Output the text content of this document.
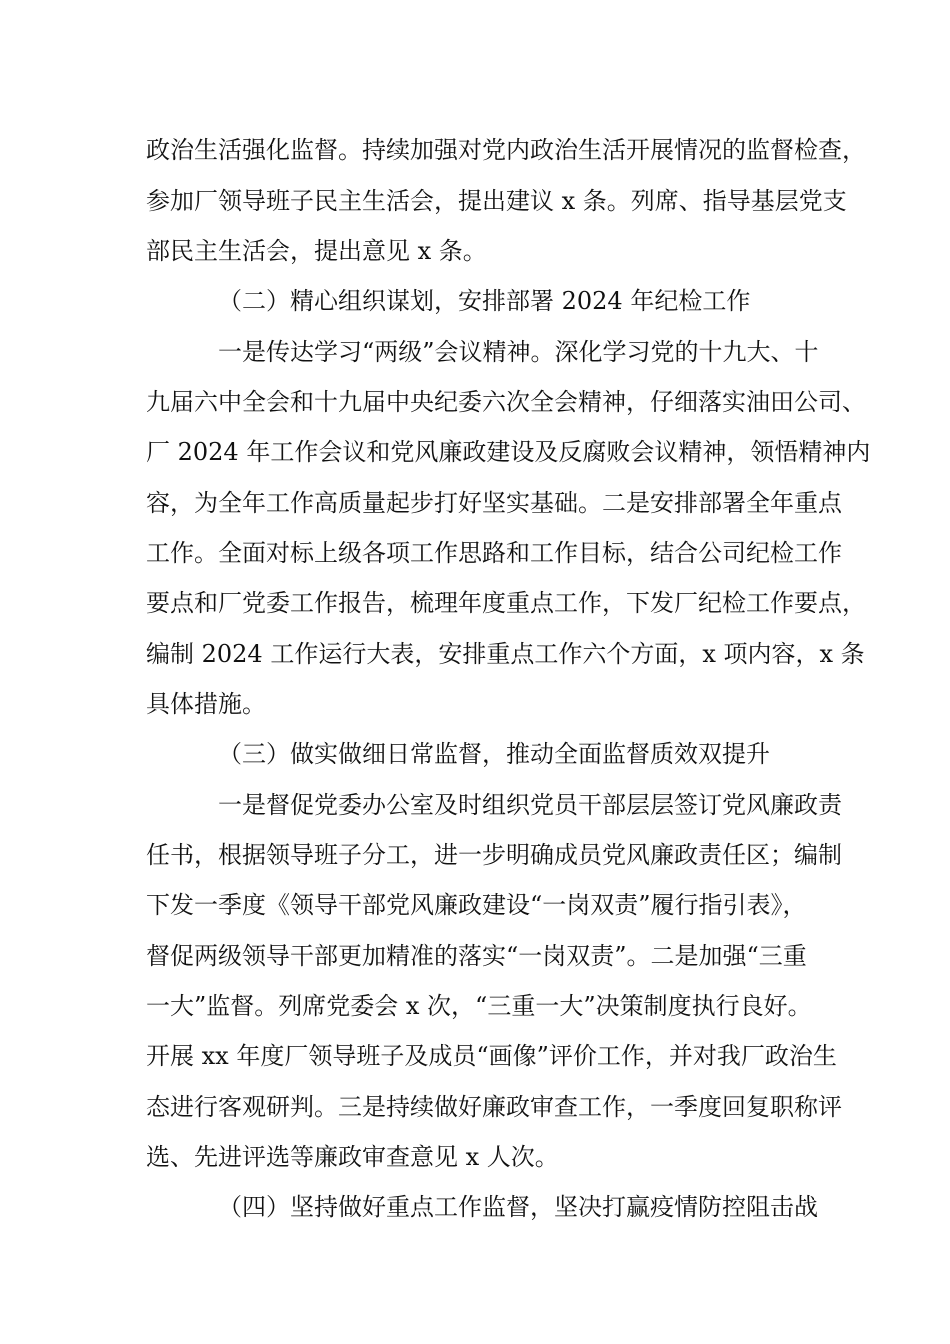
政治生活强化监督。持续加强对党内政治生活开展情况的监督检查，
参加厂领导班子民主生活会，提出建议 x 条。列席、指导基层党支
部民主生活会，提出意见 x 条。
（二）精心组织谋划，安排部署 2024 年纪检工作
一是传达学习“两级”会议精神。深化学习党的十九大、十
九届六中全会和十九届中央纪委六次全会精神，仔细落实油田公司、
厂 2024 年工作会议和党风廉政建设及反腐败会议精神，领悟精神内
容，为全年工作高质量起步打好坚实基础。二是安排部署全年重点
工作。全面对标上级各项工作思路和工作目标，结合公司纪检工作
要点和厂党委工作报告，梳理年度重点工作，下发厂纪检工作要点，
编制 2024 工作运行大表，安排重点工作六个方面，x 项内容，x 条
具体措施。
（三）做实做细日常监督，推动全面监督质效双提升
一是督促党委办公室及时组织党员干部层层签订党风廉政责
任书，根据领导班子分工，进一步明确成员党风廉政责任区；编制
下发一季度《领导干部党风廉政建设“一岗双责”履行指引表》，
督促两级领导干部更加精准的落实“一岗双责”。二是加强“三重
一大”监督。列席党委会 x 次，“三重一大”决策制度执行良好。
开展 xx 年度厂领导班子及成员“画像”评价工作，并对我厂政治生
态进行客观研判。三是持续做好廉政审查工作，一季度回复职称评
选、先进评选等廉政审查意见 x 人次。
（四）坚持做好重点工作监督，坚决打赢疫情防控阻击战
